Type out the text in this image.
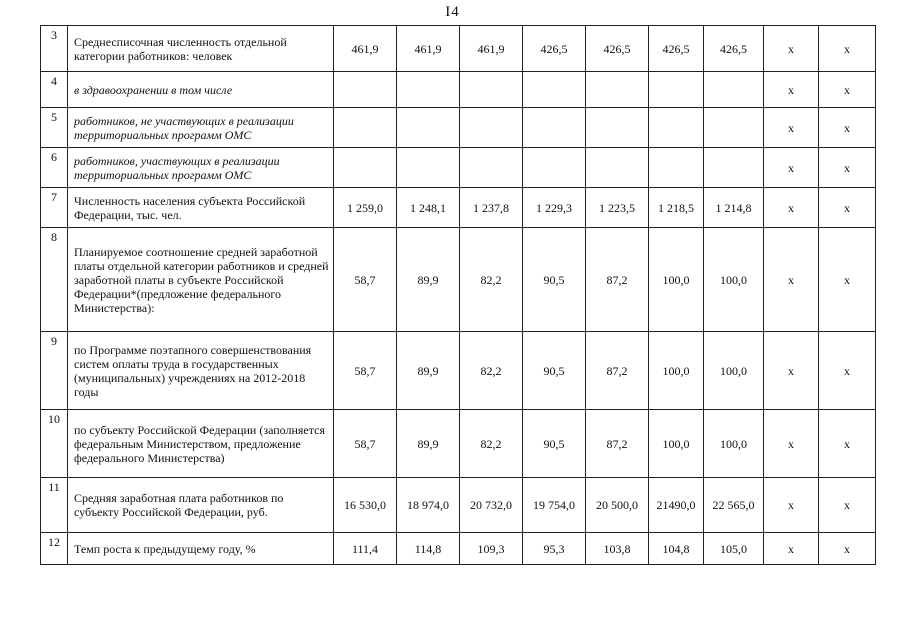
I4
3	Среднесписочная численность отдельной категории работников: человек	461,9	461,9	461,9	426,5	426,5	426,5	426,5	х	х
4	в здравоохранении в том числе								х	х
5	работников, не участвующих в реализации территориальных программ ОМС								х	х
6	работников, участвующих в реализации территориальных программ ОМС								х	х
7	Численность населения субъекта Российской Федерации, тыс. чел.	1 259,0	1 248,1	1 237,8	1 229,3	1 223,5	1 218,5	1 214,8	х	х
8	Планируемое соотношение средней заработной платы отдельной категории работников и средней заработной платы в субъекте Российской Федерации*(предложение федерального Министерства):	58,7	89,9	82,2	90,5	87,2	100,0	100,0	х	х
9	по Программе поэтапного совершенствования систем оплаты труда в государственных (муниципальных) учреждениях на 2012-2018 годы	58,7	89,9	82,2	90,5	87,2	100,0	100,0	х	х
10	по субъекту Российской Федерации (заполняется федеральным Министерством, предложение федерального Министерства)	58,7	89,9	82,2	90,5	87,2	100,0	100,0	х	х
11	Средняя заработная плата работников по субъекту Российской Федерации, руб.	16 530,0	18 974,0	20 732,0	19 754,0	20 500,0	21490,0	22 565,0	х	х
12	Темп роста к предыдущему году, %	111,4	114,8	109,3	95,3	103,8	104,8	105,0	х	х
